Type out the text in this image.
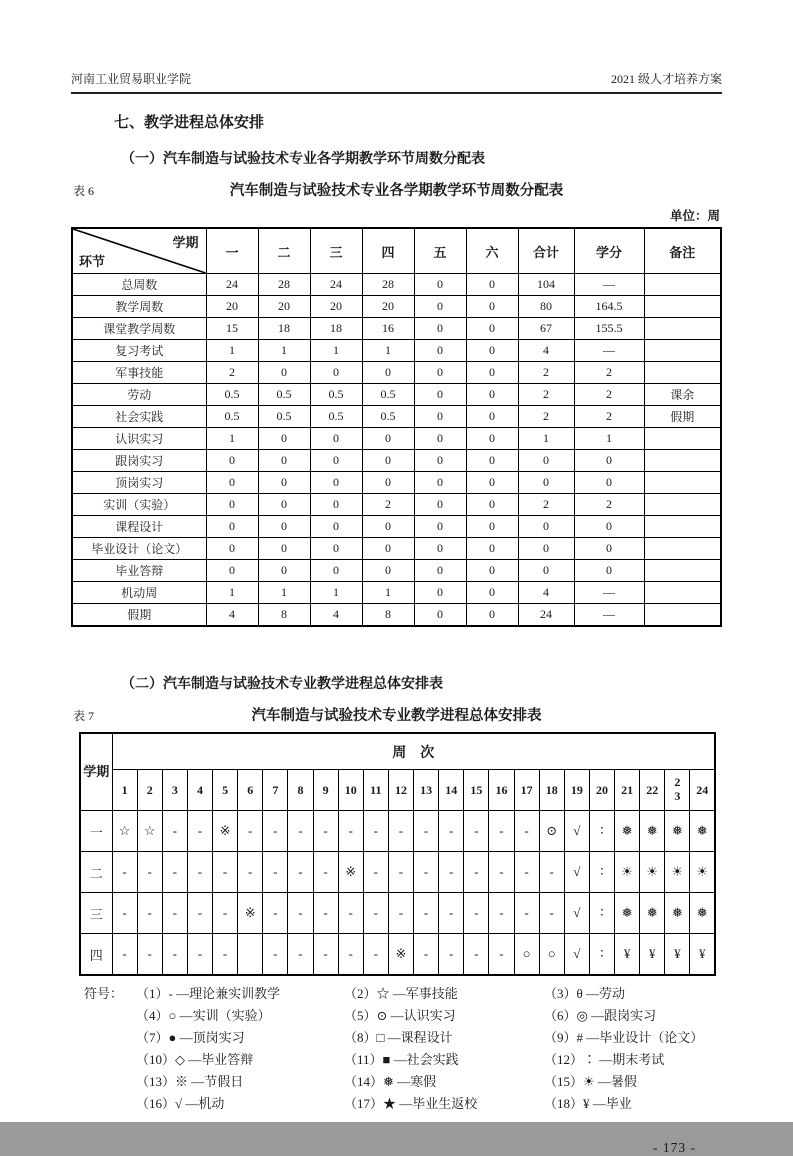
河南工业贸易职业学院	2021 级人才培养方案
七、教学进程总体安排
（一）汽车制造与试验技术专业各学期教学环节周数分配表
表 6	汽车制造与试验技术专业各学期教学环节周数分配表
单位：周
学期
环节	一	二	三	四	五	六	合计	学分	备注
总周数	24	28	24	28	0	0	104	—	
教学周数	20	20	20	20	0	0	80	164.5	
课堂教学周数	15	18	18	16	0	0	67	155.5	
复习考试	1	1	1	1	0	0	4	—	
军事技能	2	0	0	0	0	0	2	2	
劳动	0.5	0.5	0.5	0.5	0	0	2	2	课余
社会实践	0.5	0.5	0.5	0.5	0	0	2	2	假期
认识实习	1	0	0	0	0	0	1	1	
跟岗实习	0	0	0	0	0	0	0	0	
顶岗实习	0	0	0	0	0	0	0	0	
实训（实验）	0	0	0	2	0	0	2	2	
课程设计	0	0	0	0	0	0	0	0	
毕业设计（论文）	0	0	0	0	0	0	0	0	
毕业答辩	0	0	0	0	0	0	0	0	
机动周	1	1	1	1	0	0	4	—	
假期	4	8	4	8	0	0	24	—	
（二）汽车制造与试验技术专业教学进程总体安排表
表 7	汽车制造与试验技术专业教学进程总体安排表
学期	周次																							
	1	2	3	4	5	6	7	8	9	10	11	12	13	14	15	16	17	18	19	20	21	22	23	24
一	☆	☆	-	-	※	-	-	-	-	-	-	-	-	-	-	-	-	⊙	√	∶	❅	❅	❅	❅
二	-	-	-	-	-	-	-	-	-	※	-	-	-	-	-	-	-	-	√	∶	☀	☀	☀	☀
三	-	-	-	-	-	※	-	-	-	-	-	-	-	-	-	-	-	-	√	∶	❅	❅	❅	❅
四	-	-	-	-	-		-	-	-	-	-	※	-	-	-	-	○	○	√	∶	¥	¥	¥	¥
符号： （1）- —理论兼实训教学	（2）☆ —军事技能	（3）θ —劳动
（4）○ —实训（实验）	（5）⊙ —认识实习	（6）◎ —跟岗实习
（7）● —顶岗实习	（8）□ —课程设计	（9）# —毕业设计（论文）
（10）◇ —毕业答辩	（11）■ —社会实践	（12）∶ —期末考试
（13）※ —节假日	（14）❅ —寒假	（15）☀ —暑假
（16）√ —机动	（17）★ —毕业生返校	（18）¥ —毕业
- 173 -
